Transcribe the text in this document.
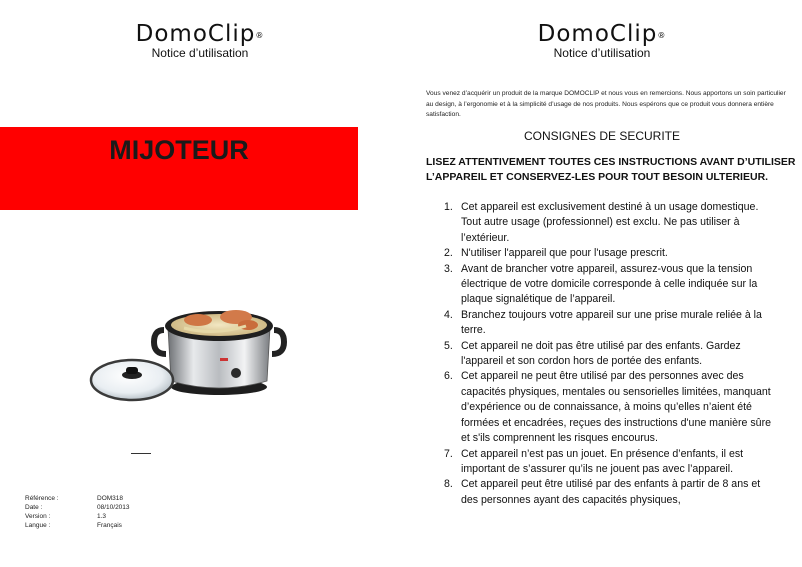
DomoClip®
Notice d’utilisation
MIJOTEUR
Référence :	DOM318
Date :	08/10/2013
Version :	1.3
Langue :	Français
DomoClip®
Notice d’utilisation
Vous venez d’acquérir un produit de la marque DOMOCLIP et nous vous en remercions. Nous apportons un soin particulier au design, à l’ergonomie et à la simplicité d’usage de nos produits. Nous espérons que ce produit vous donnera entière satisfaction.
CONSIGNES DE SECURITE
LISEZ ATTENTIVEMENT TOUTES CES INSTRUCTIONS AVANT D’UTILISER L’APPAREIL ET CONSERVEZ-LES POUR TOUT BESOIN ULTERIEUR.
1. Cet appareil est exclusivement destiné à un usage domestique. Tout autre usage (professionnel) est exclu. Ne pas utiliser à l’extérieur.
2. N'utiliser l'appareil que pour l'usage prescrit.
3. Avant de brancher votre appareil, assurez-vous que la tension électrique de votre domicile corresponde à celle indiquée sur la plaque signalétique de l’appareil.
4. Branchez toujours votre appareil sur une prise murale reliée à la terre.
5. Cet appareil ne doit pas être utilisé par des enfants. Gardez l'appareil et son cordon hors de portée des enfants.
6. Cet appareil ne peut être utilisé par des personnes avec des capacités physiques, mentales ou sensorielles limitées, manquant d’expérience ou de connaissance, à moins qu’elles n’aient été formées et encadrées, reçues des instructions d'une manière sûre et s'ils comprennent les risques encourus.
7. Cet appareil n’est pas un jouet. En présence d’enfants, il est important de s’assurer qu’ils ne jouent pas avec l’appareil.
8. Cet appareil peut être utilisé par des enfants à partir de 8 ans et des personnes ayant des capacités physiques,
